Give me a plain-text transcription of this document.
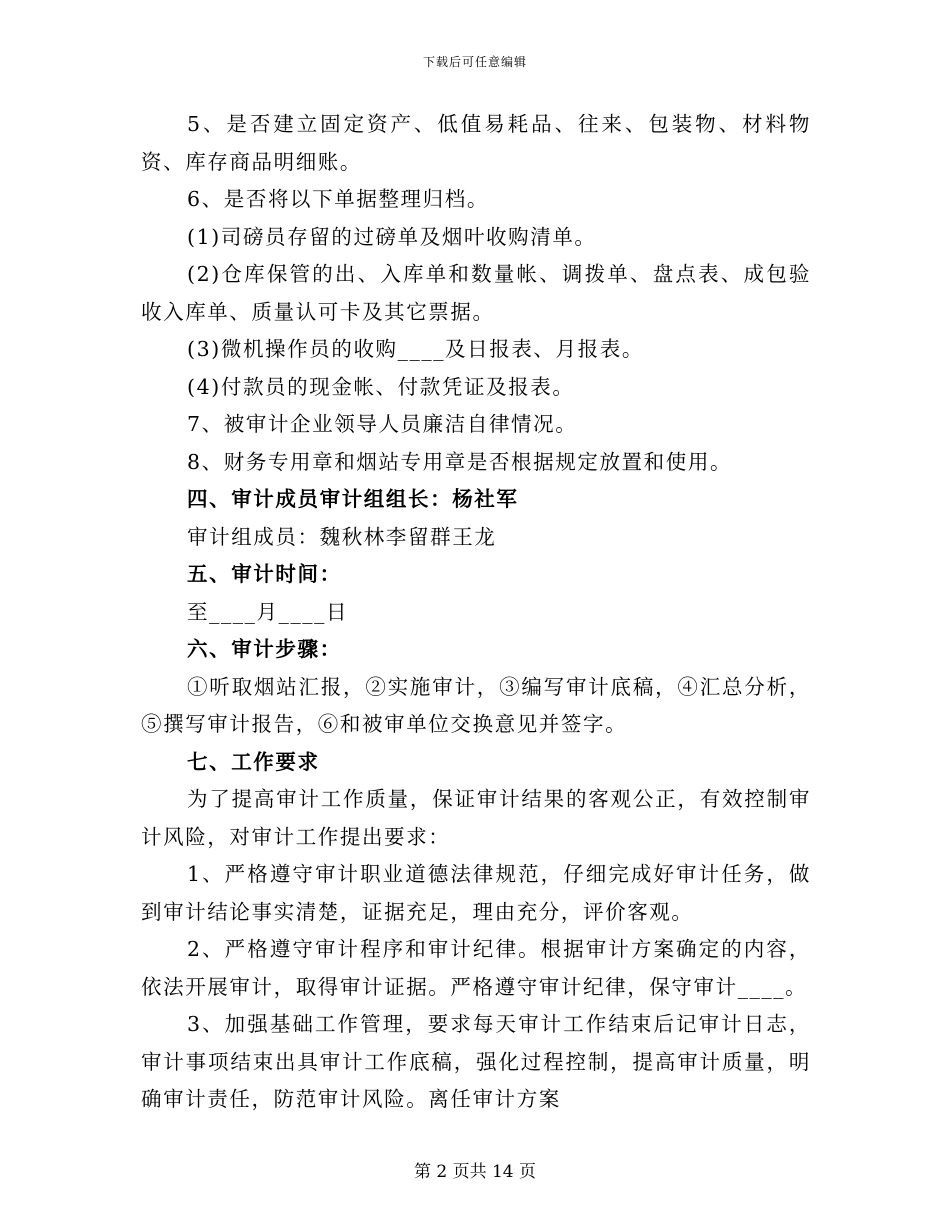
下载后可任意编辑

5、是否建立固定资产、低值易耗品、往来、包装物、材料物资、库存商品明细账。

6、是否将以下单据整理归档。

(1)司磅员存留的过磅单及烟叶收购清单。

(2)仓库保管的出、入库单和数量帐、调拨单、盘点表、成包验收入库单、质量认可卡及其它票据。

(3)微机操作员的收购____及日报表、月报表。

(4)付款员的现金帐、付款凭证及报表。

7、被审计企业领导人员廉洁自律情况。

8、财务专用章和烟站专用章是否根据规定放置和使用。

四、审计成员审计组组长：杨社军

审计组成员：魏秋林李留群王龙

五、审计时间：

至____月____日

六、审计步骤：

①听取烟站汇报，②实施审计，③编写审计底稿，④汇总分析，⑤撰写审计报告，⑥和被审单位交换意见并签字。

七、工作要求

为了提高审计工作质量，保证审计结果的客观公正，有效控制审计风险，对审计工作提出要求：

1、严格遵守审计职业道德法律规范，仔细完成好审计任务，做到审计结论事实清楚，证据充足，理由充分，评价客观。

2、严格遵守审计程序和审计纪律。根据审计方案确定的内容，依法开展审计，取得审计证据。严格遵守审计纪律，保守审计____。

3、加强基础工作管理，要求每天审计工作结束后记审计日志，审计事项结束出具审计工作底稿，强化过程控制，提高审计质量，明确审计责任，防范审计风险。离任审计方案

第 2 页共 14 页
